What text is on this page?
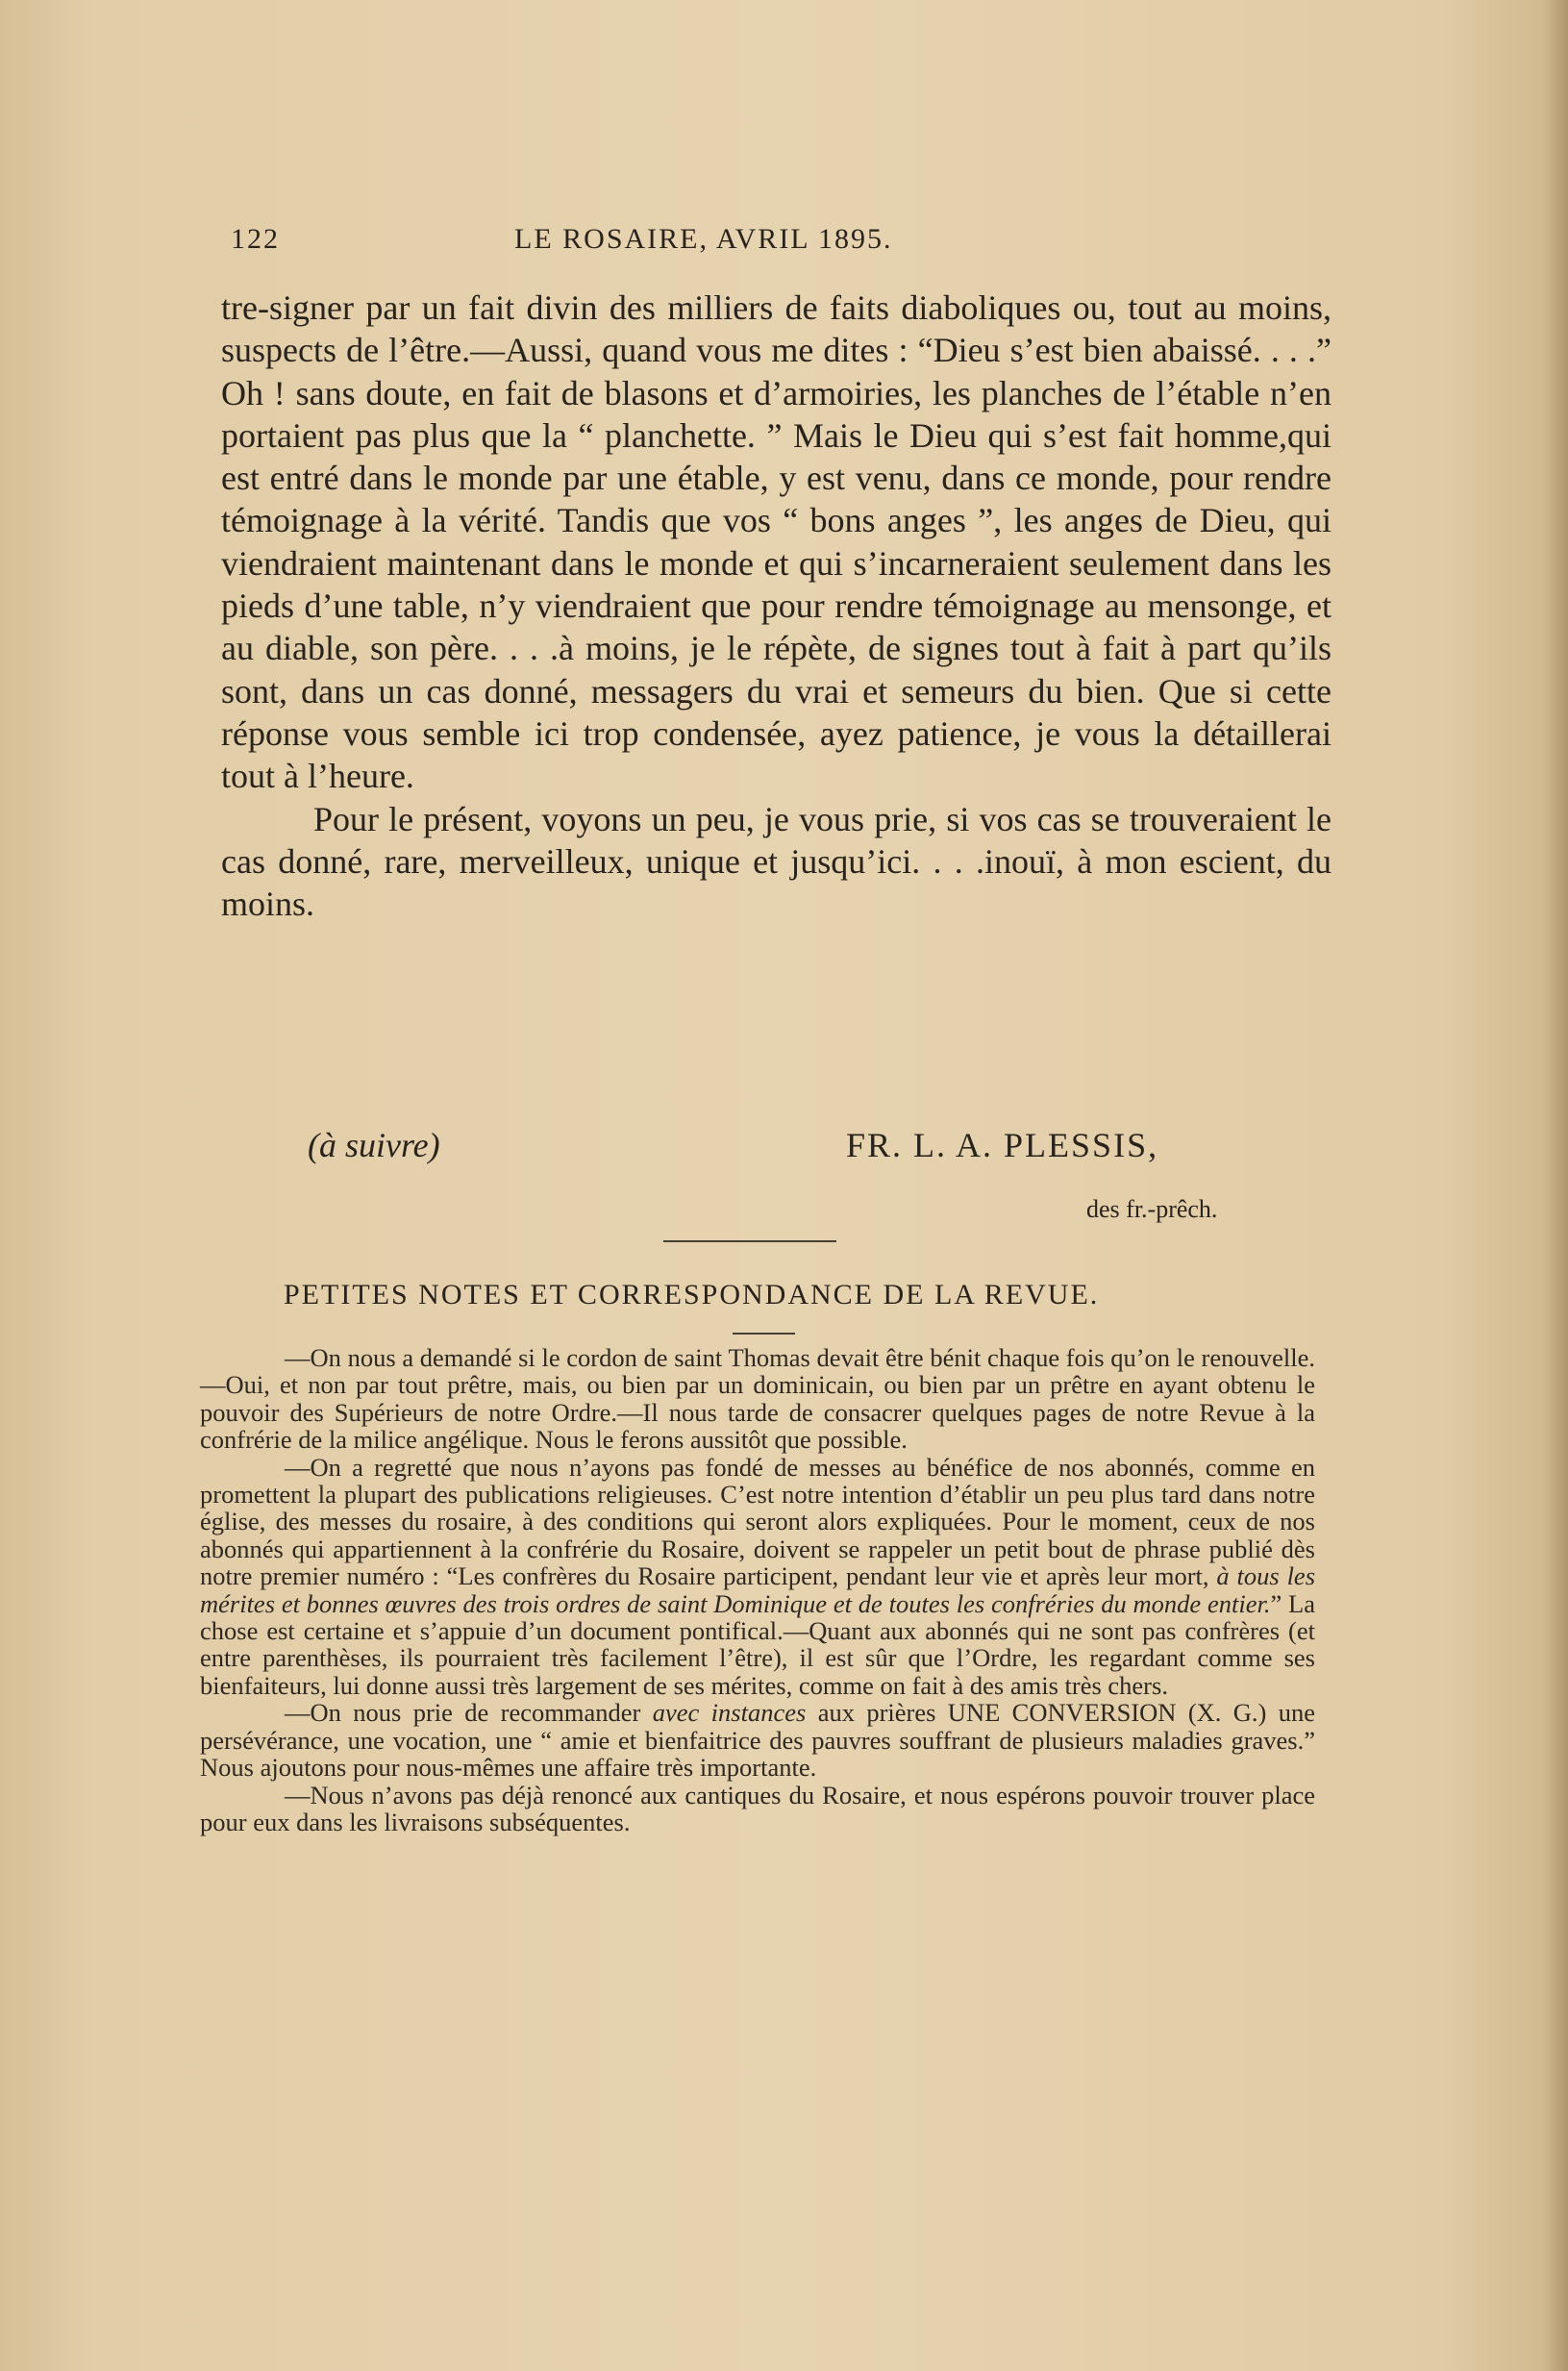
122	LE ROSAIRE, AVRIL 1895.

tre-signer par un fait divin des milliers de faits diaboliques ou, tout au moins, suspects de l’être.—Aussi, quand vous me dites : “Dieu s’est bien abaissé. . . .” Oh ! sans doute, en fait de blasons et d’armoiries, les planches de l’étable n’en portaient pas plus que la “ planchette. ” Mais le Dieu qui s’est fait homme,qui est entré dans le monde par une étable, y est venu, dans ce monde, pour rendre témoignage à la vérité. Tandis que vos “ bons anges ”, les anges de Dieu, qui viendraient maintenant dans le monde et qui s’incarneraient seulement dans les pieds d’une table, n’y viendraient que pour rendre témoignage au mensonge, et au diable, son père. . . .à moins, je le répète, de signes tout à fait à part qu’ils sont, dans un cas donné, messagers du vrai et semeurs du bien. Que si cette réponse vous semble ici trop condensée, ayez patience, je vous la détaillerai tout à l’heure.

Pour le présent, voyons un peu, je vous prie, si vos cas se trouveraient le cas donné, rare, merveilleux, unique et jusqu’ici. . . .inouï, à mon escient, du moins.

(à suivre)	FR. L. A. PLESSIS,
des fr.-prêch.
PETITES NOTES ET CORRESPONDANCE DE LA REVUE.

—On nous a demandé si le cordon de saint Thomas devait être bénit chaque fois qu’on le renouvelle.—Oui, et non par tout prêtre, mais, ou bien par un dominicain, ou bien par un prêtre en ayant obtenu le pouvoir des Supérieurs de notre Ordre.—Il nous tarde de consacrer quelques pages de notre Revue à la confrérie de la milice angélique. Nous le ferons aussitôt que possible.

—On a regretté que nous n’ayons pas fondé de messes au bénéfice de nos abonnés, comme en promettent la plupart des publications religieuses. C’est notre intention d’établir un peu plus tard dans notre église, des messes du rosaire, à des conditions qui seront alors expliquées. Pour le moment, ceux de nos abonnés qui appartiennent à la confrérie du Rosaire, doivent se rappeler un petit bout de phrase publié dès notre premier numéro : “Les confrères du Rosaire participent, pendant leur vie et après leur mort, à tous les mérites et bonnes œuvres des trois ordres de saint Dominique et de toutes les confréries du monde entier.” La chose est certaine et s’appuie d’un document pontifical.—Quant aux abonnés qui ne sont pas confrères (et entre parenthèses, ils pourraient très facilement l’être), il est sûr que l’Ordre, les regardant comme ses bienfaiteurs, lui donne aussi très largement de ses mérites, comme on fait à des amis très chers.

—On nous prie de recommander avec instances aux prières UNE CONVERSION (X. G.) une persévérance, une vocation, une “ amie et bienfaitrice des pauvres souffrant de plusieurs maladies graves.” Nous ajoutons pour nous-mêmes une affaire très importante.

—Nous n’avons pas déjà renoncé aux cantiques du Rosaire, et nous espérons pouvoir trouver place pour eux dans les livraisons subséquentes.
